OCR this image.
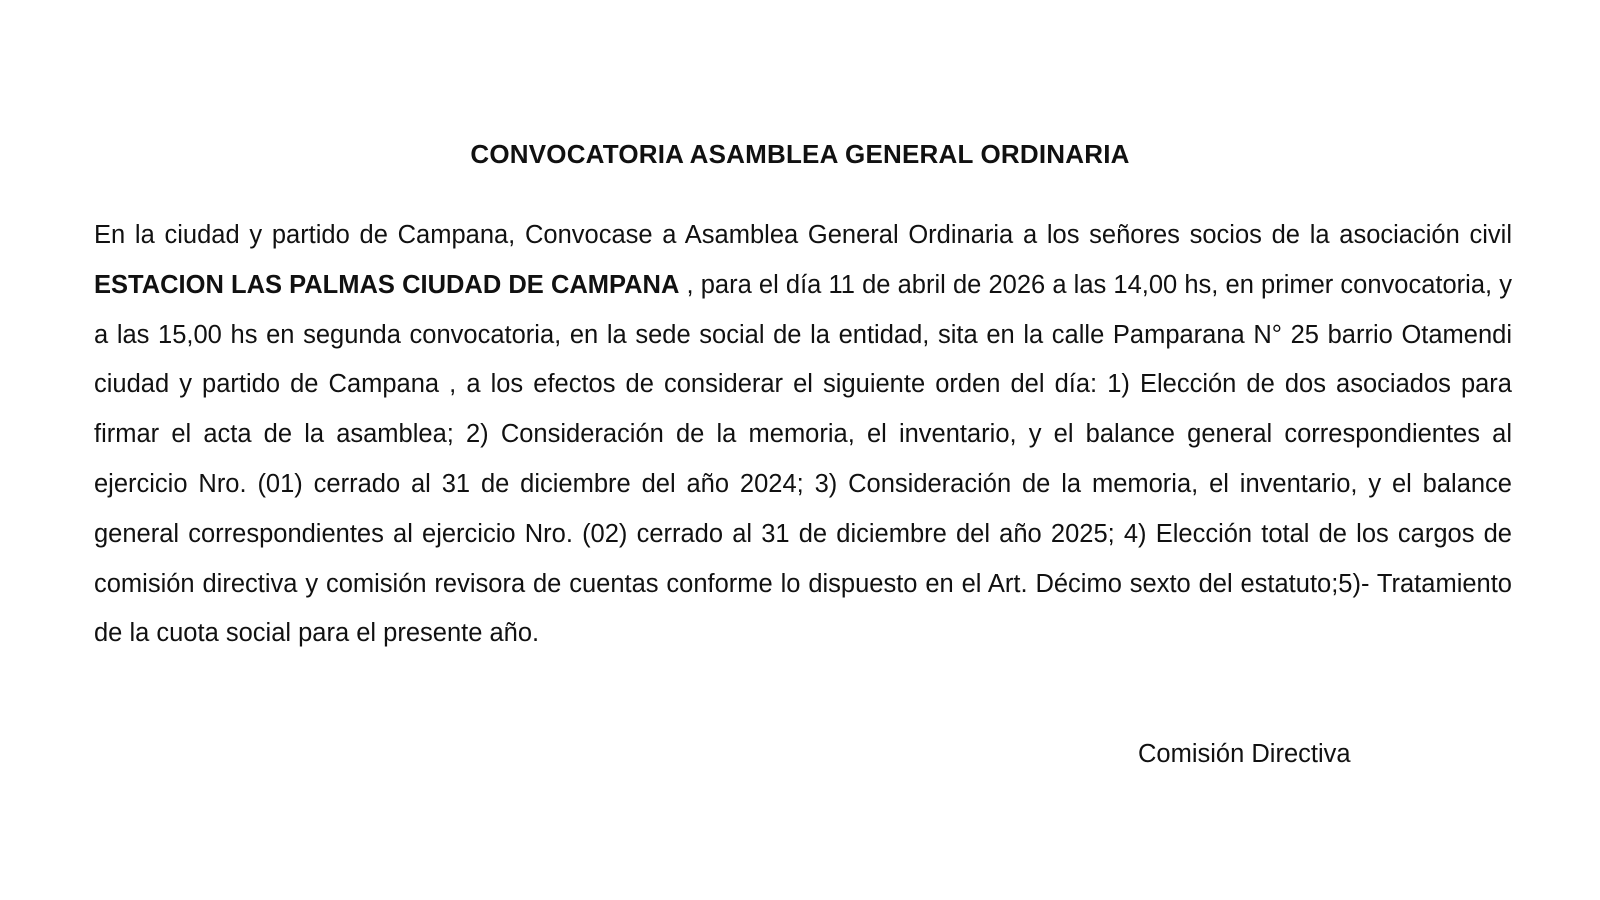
CONVOCATORIA ASAMBLEA GENERAL ORDINARIA

En la ciudad y partido de Campana, Convocase a Asamblea General Ordinaria a los señores socios de la asociación civil ESTACION LAS PALMAS CIUDAD DE CAMPANA , para el día 11 de abril de 2026 a las 14,00 hs, en primer convocatoria, y a las 15,00 hs en segunda convocatoria, en la sede social de la entidad, sita en la calle Pamparana N° 25 barrio Otamendi ciudad y partido de Campana , a los efectos de considerar el siguiente orden del día: 1) Elección de dos asociados para firmar el acta de la asamblea; 2) Consideración de la memoria, el inventario, y el balance general correspondientes al ejercicio Nro. (01) cerrado al 31 de diciembre del año 2024; 3) Consideración de la memoria, el inventario, y el balance general correspondientes al ejercicio Nro. (02) cerrado al 31 de diciembre del año 2025; 4) Elección total de los cargos de comisión directiva y comisión revisora de cuentas conforme lo dispuesto en el Art. Décimo sexto del estatuto;5)- Tratamiento de la cuota social para el presente año.

Comisión Directiva
